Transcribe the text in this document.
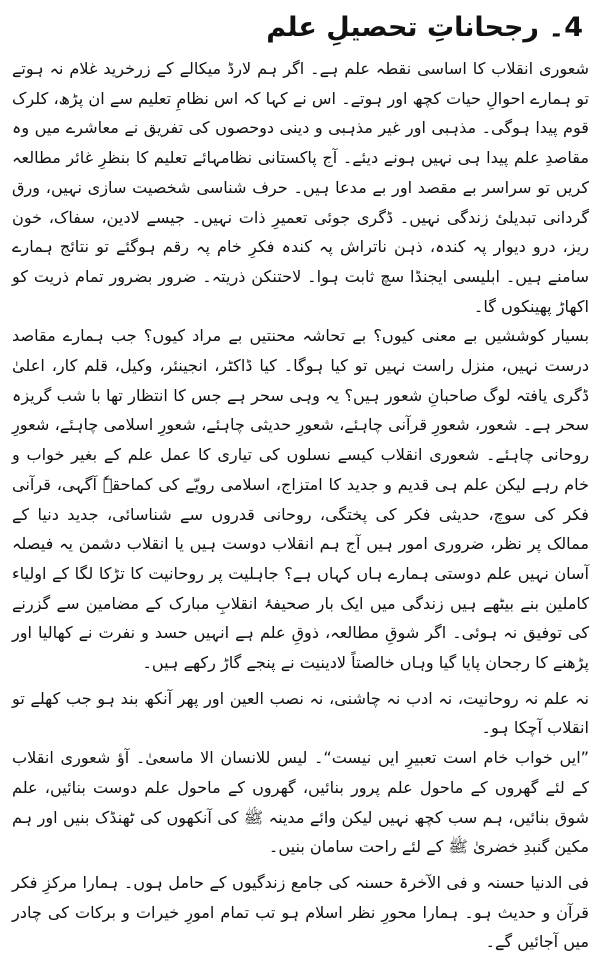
4۔ رجحاناتِ تحصیلِ علم

شعوری انقلاب کا اساسی نقطہ علم ہے۔ اگر ہم لارڈ میکالے کے زرخرید غلام نہ ہوتے تو ہمارے احوالِ حیات کچھ اور ہوتے۔ اس نے کہا کہ اس نظامِ تعلیم سے ان پڑھ، کلرک قوم پیدا ہوگی۔ مذہبی اور غیر مذہبی و دینی دوحصوں کی تفریق نے معاشرے میں وہ مقاصدِ علم پیدا ہی نہیں ہونے دیئے۔ آج پاکستانی نظامہائے تعلیم کا بنظرِ غائر مطالعہ کریں تو سراسر بے مقصد اور بے مدعا ہیں۔ حرف شناسی شخصیت سازی نہیں، ورق گردانی تبدیلیٔ زندگی نہیں۔ ڈگری جوئی تعمیرِ ذات نہیں۔ جیسے لادین، سفاک، خون ریز، درو دیوار پہ کندہ، ذہن ناتراش پہ کندہ فکرِ خام پہ رقم ہوگئے تو نتائج ہمارے سامنے ہیں۔ ابلیسی ایجنڈا سچ ثابت ہوا۔ لاحتنکن ذریتہ۔ ضرور بضرور تمام ذریت کو اکھاڑ پھینکوں گا۔

بسیار کوششیں بے معنی کیوں؟ بے تحاشہ محنتیں بے مراد کیوں؟ جب ہمارے مقاصد درست نہیں، منزل راست نہیں تو کیا ہوگا۔ کیا ڈاکٹر، انجینئر، وکیل، قلم کار، اعلیٰ ڈگری یافتہ لوگ صاحبانِ شعور ہیں؟ یہ وہی سحر ہے جس کا انتظار تھا با شب گریزہ سحر ہے۔ شعور، شعورِ قرآنی چاہئے، شعورِ حدیثی چاہئے، شعورِ اسلامی چاہئے، شعورِ روحانی چاہئے۔ شعوری انقلاب کیسے نسلوں کی تیاری کا عمل علم کے بغیر خواب و خام رہے لیکن علم ہی قدیم و جدید کا امتزاج، اسلامی رویّے کی کماحقہٗ آگہی، قرآنی فکر کی سوچ، حدیثی فکر کی پختگی، روحانی قدروں سے شناسائی، جدید دنیا کے ممالک پر نظر، ضروری امور ہیں آج ہم انقلاب دوست ہیں یا انقلاب دشمن یہ فیصلہ آسان نہیں علم دوستی ہمارے ہاں کہاں ہے؟ جاہلیت پر روحانیت کا تڑکا لگا کے اولیاء کاملین بنے بیٹھے ہیں زندگی میں ایک بار صحیفۂ انقلابِ مبارک کے مضامین سے گزرنے کی توفیق نہ ہوئی۔ اگر شوقِ مطالعہ، ذوقِ علم ہے انہیں حسد و نفرت نے کھالیا اور پڑھنے کا رجحان پایا گیا وہاں خالصتاً لادینیت نے پنجے گاڑ رکھے ہیں۔

نہ علم نہ روحانیت، نہ ادب نہ چاشنی، نہ نصب العین اور پھر آنکھ بند ہو جب کھلے تو انقلاب آچکا ہو۔

”ایں خواب خام است تعبیرِ ایں نیست“۔ لیس للانسان الا ماسعیٰ۔ آؤ شعوری انقلاب کے لئے گھروں کے ماحول علم پرور بنائیں، گھروں کے ماحول علم دوست بنائیں، علم شوق بنائیں، ہم سب کچھ نہیں لیکن وائے مدینہ ﷺ کی آنکھوں کی ٹھنڈک بنیں اور ہم مکین گنبدِ خضریٰ ﷺ کے لئے راحت سامان بنیں۔

فی الدنیا حسنہ و فی الآخرۃ حسنہ کی جامع زندگیوں کے حامل ہوں۔ ہمارا مرکزِ فکر قرآن و حدیث ہو۔ ہمارا محورِ نظر اسلام ہو تب تمام امورِ خیرات و برکات کی چادر میں آجائیں گے۔
